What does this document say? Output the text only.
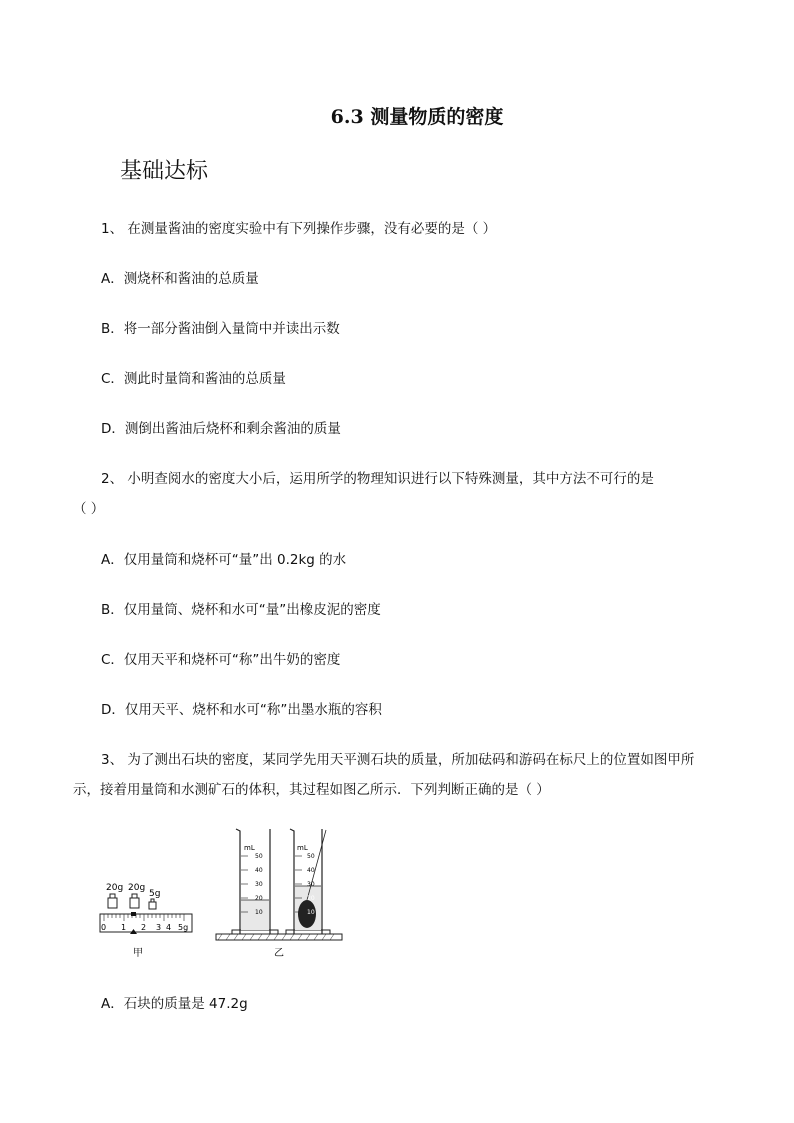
6.3 测量物质的密度
基础达标
1、 在测量酱油的密度实验中有下列操作步骤，没有必要的是（ ）
A．测烧杯和酱油的总质量
B．将一部分酱油倒入量筒中并读出示数
C．测此时量筒和酱油的总质量
D．测倒出酱油后烧杯和剩余酱油的质量
2、 小明查阅水的密度大小后，运用所学的物理知识进行以下特殊测量，其中方法不可行的是
（ ）
A．仅用量筒和烧杯可“量”出 0.2kg 的水
B．仅用量筒、烧杯和水可“量”出橡皮泥的密度
C．仅用天平和烧杯可“称”出牛奶的密度
D．仅用天平、烧杯和水可“称”出墨水瓶的容积
3、 为了测出石块的密度，某同学先用天平测石块的质量，所加砝码和游码在标尺上的位置如图甲所
示，接着用量筒和水测矿石的体积，其过程如图乙所示．下列判断正确的是（ ）
20g 20g
5g
0 1 2 3 4 5g
mL
50
40
30
20
10
mL
50
40
30
20
10
甲	乙
A．石块的质量是 47.2g
